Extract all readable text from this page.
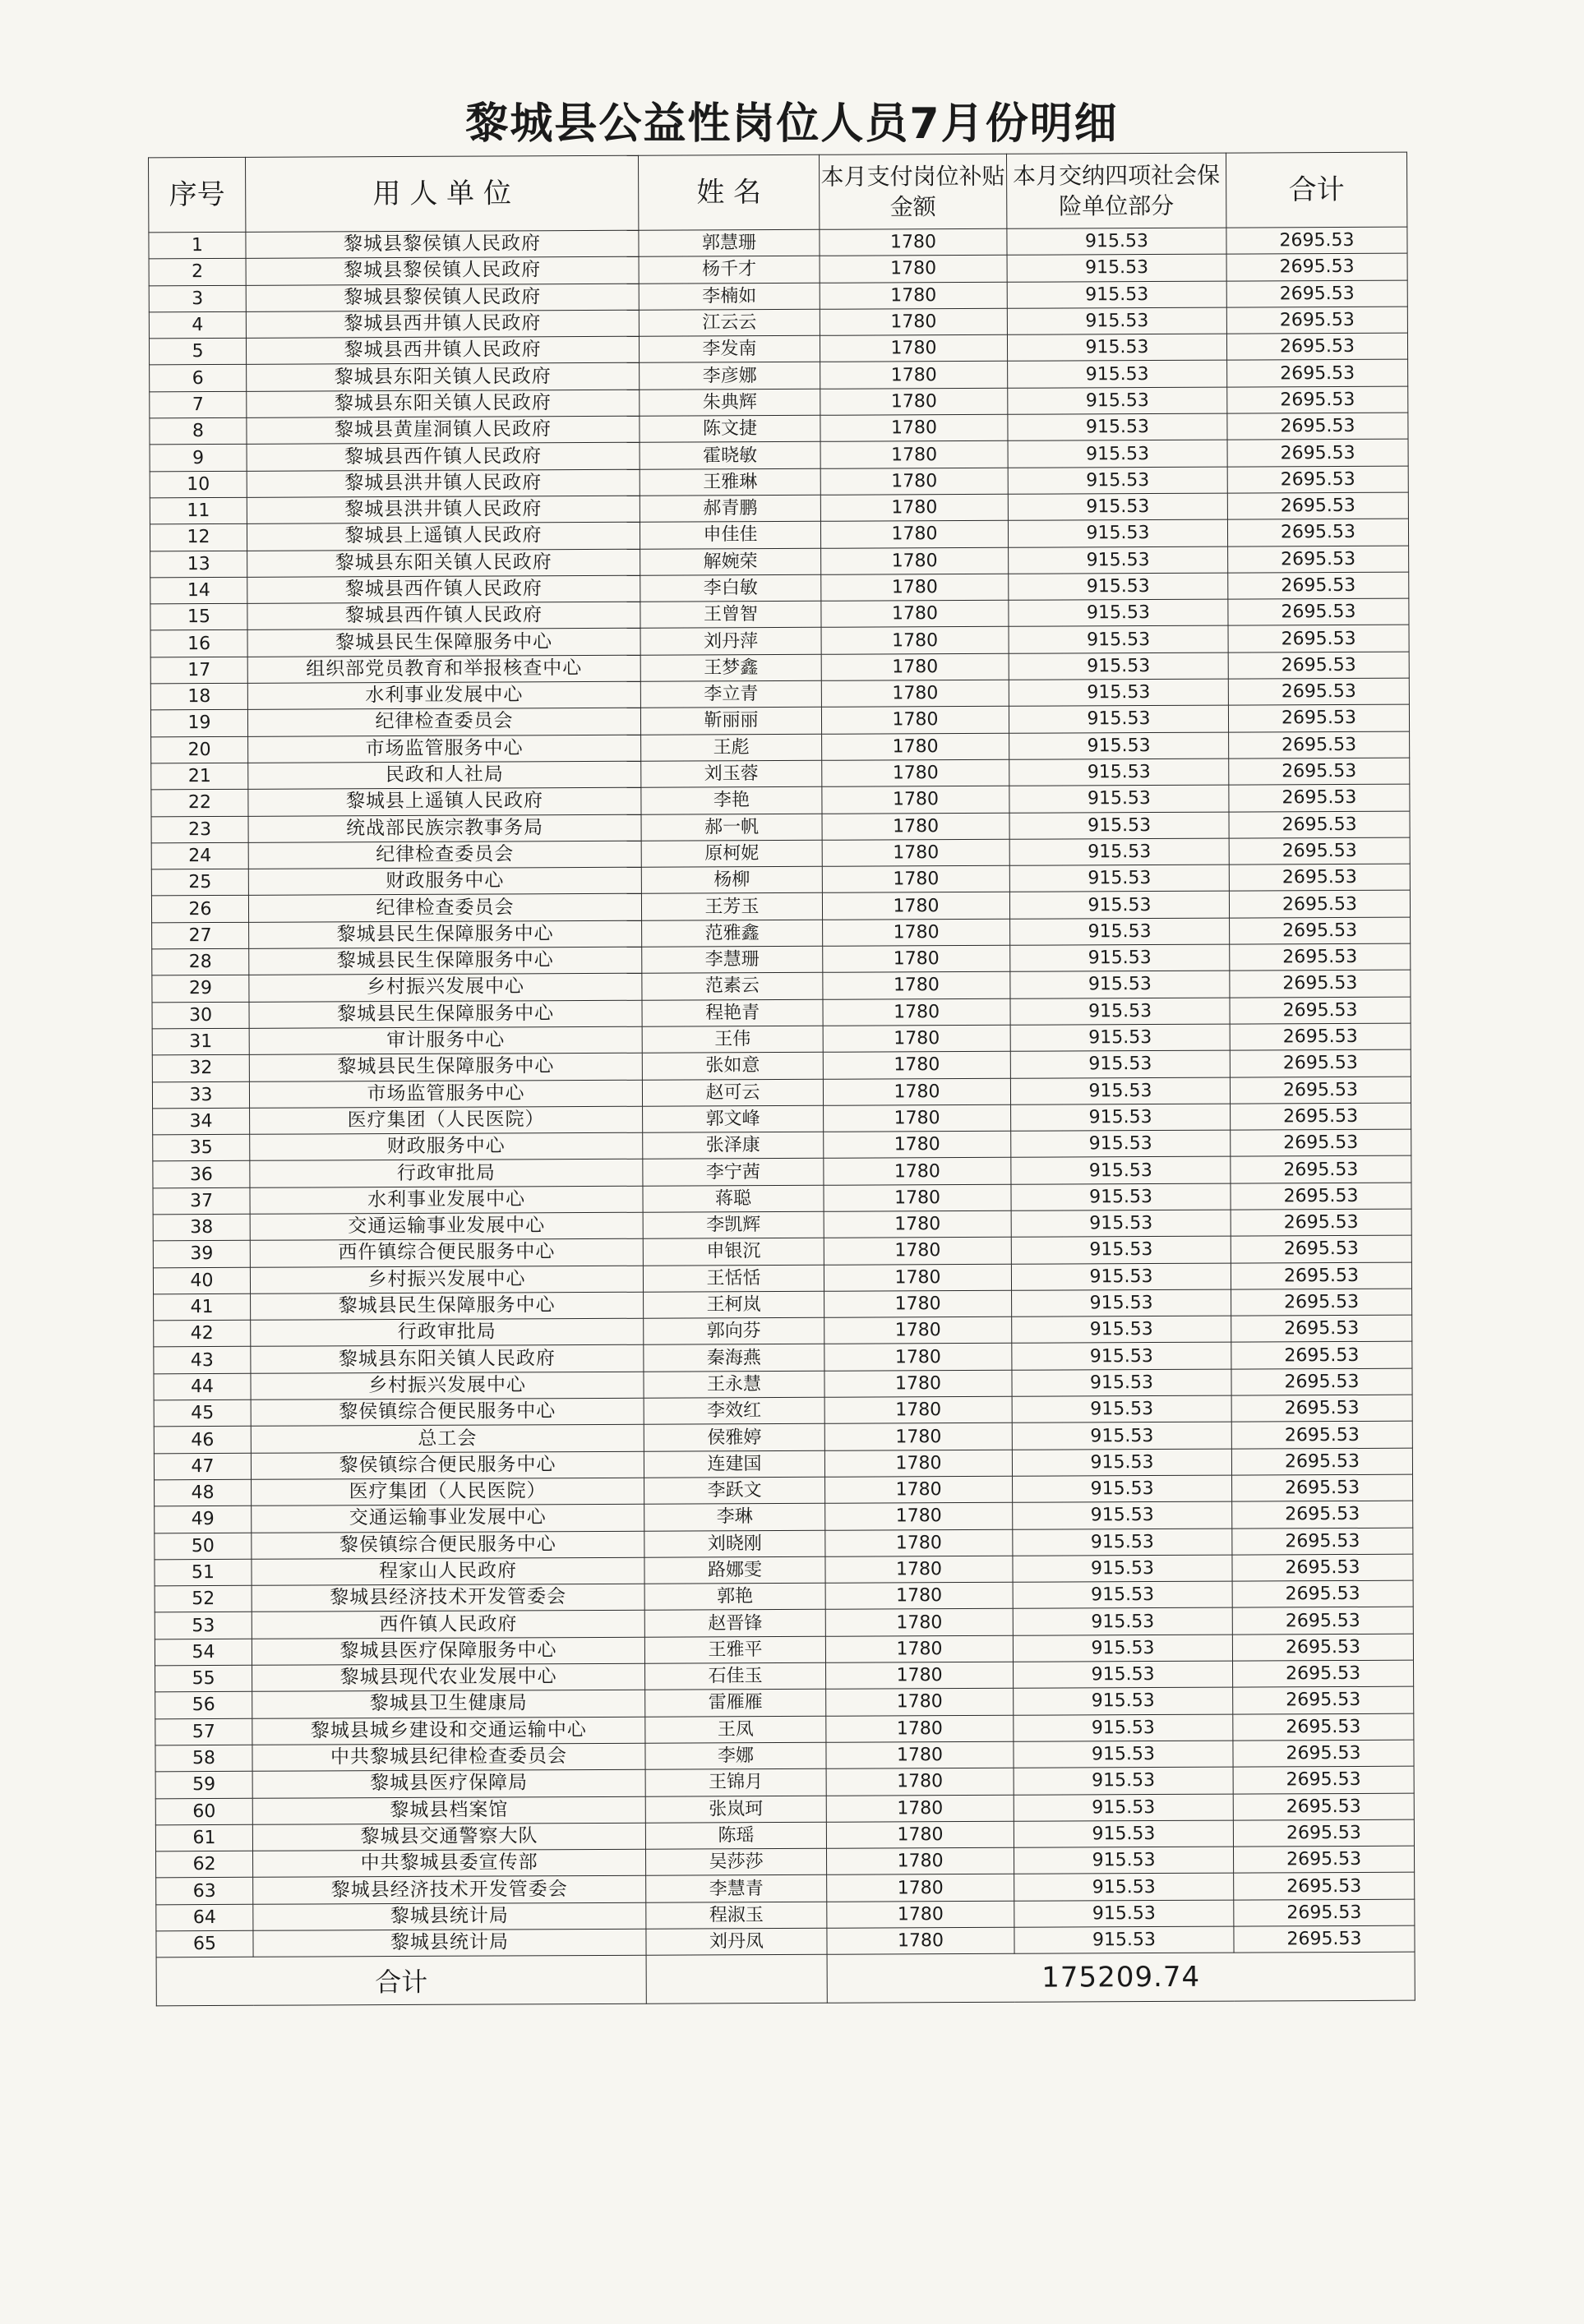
黎城县公益性岗位人员7月份明细
序号	用 人 单 位	姓 名	本月支付岗位补贴金额	本月交纳四项社会保险单位部分	合计
1	黎城县黎侯镇人民政府	郭慧珊	1780	915.53	2695.53
2	黎城县黎侯镇人民政府	杨千才	1780	915.53	2695.53
3	黎城县黎侯镇人民政府	李楠如	1780	915.53	2695.53
4	黎城县西井镇人民政府	江云云	1780	915.53	2695.53
5	黎城县西井镇人民政府	李发南	1780	915.53	2695.53
6	黎城县东阳关镇人民政府	李彦娜	1780	915.53	2695.53
7	黎城县东阳关镇人民政府	朱典辉	1780	915.53	2695.53
8	黎城县黄崖洞镇人民政府	陈文捷	1780	915.53	2695.53
9	黎城县西仵镇人民政府	霍晓敏	1780	915.53	2695.53
10	黎城县洪井镇人民政府	王雅琳	1780	915.53	2695.53
11	黎城县洪井镇人民政府	郝青鹏	1780	915.53	2695.53
12	黎城县上遥镇人民政府	申佳佳	1780	915.53	2695.53
13	黎城县东阳关镇人民政府	解婉荣	1780	915.53	2695.53
14	黎城县西仵镇人民政府	李白敏	1780	915.53	2695.53
15	黎城县西仵镇人民政府	王曾智	1780	915.53	2695.53
16	黎城县民生保障服务中心	刘丹萍	1780	915.53	2695.53
17	组织部党员教育和举报核查中心	王梦鑫	1780	915.53	2695.53
18	水利事业发展中心	李立青	1780	915.53	2695.53
19	纪律检查委员会	靳丽丽	1780	915.53	2695.53
20	市场监管服务中心	王彪	1780	915.53	2695.53
21	民政和人社局	刘玉蓉	1780	915.53	2695.53
22	黎城县上遥镇人民政府	李艳	1780	915.53	2695.53
23	统战部民族宗教事务局	郝一帆	1780	915.53	2695.53
24	纪律检查委员会	原柯妮	1780	915.53	2695.53
25	财政服务中心	杨柳	1780	915.53	2695.53
26	纪律检查委员会	王芳玉	1780	915.53	2695.53
27	黎城县民生保障服务中心	范雅鑫	1780	915.53	2695.53
28	黎城县民生保障服务中心	李慧珊	1780	915.53	2695.53
29	乡村振兴发展中心	范素云	1780	915.53	2695.53
30	黎城县民生保障服务中心	程艳青	1780	915.53	2695.53
31	审计服务中心	王伟	1780	915.53	2695.53
32	黎城县民生保障服务中心	张如意	1780	915.53	2695.53
33	市场监管服务中心	赵可云	1780	915.53	2695.53
34	医疗集团（人民医院）	郭文峰	1780	915.53	2695.53
35	财政服务中心	张泽康	1780	915.53	2695.53
36	行政审批局	李宁茜	1780	915.53	2695.53
37	水利事业发展中心	蒋聪	1780	915.53	2695.53
38	交通运输事业发展中心	李凯辉	1780	915.53	2695.53
39	西仵镇综合便民服务中心	申银沉	1780	915.53	2695.53
40	乡村振兴发展中心	王恬恬	1780	915.53	2695.53
41	黎城县民生保障服务中心	王柯岚	1780	915.53	2695.53
42	行政审批局	郭向芬	1780	915.53	2695.53
43	黎城县东阳关镇人民政府	秦海燕	1780	915.53	2695.53
44	乡村振兴发展中心	王永慧	1780	915.53	2695.53
45	黎侯镇综合便民服务中心	李效红	1780	915.53	2695.53
46	总工会	侯雅婷	1780	915.53	2695.53
47	黎侯镇综合便民服务中心	连建国	1780	915.53	2695.53
48	医疗集团（人民医院）	李跃文	1780	915.53	2695.53
49	交通运输事业发展中心	李琳	1780	915.53	2695.53
50	黎侯镇综合便民服务中心	刘晓刚	1780	915.53	2695.53
51	程家山人民政府	路娜雯	1780	915.53	2695.53
52	黎城县经济技术开发管委会	郭艳	1780	915.53	2695.53
53	西仵镇人民政府	赵晋锋	1780	915.53	2695.53
54	黎城县医疗保障服务中心	王雅平	1780	915.53	2695.53
55	黎城县现代农业发展中心	石佳玉	1780	915.53	2695.53
56	黎城县卫生健康局	雷雁雁	1780	915.53	2695.53
57	黎城县城乡建设和交通运输中心	王凤	1780	915.53	2695.53
58	中共黎城县纪律检查委员会	李娜	1780	915.53	2695.53
59	黎城县医疗保障局	王锦月	1780	915.53	2695.53
60	黎城县档案馆	张岚珂	1780	915.53	2695.53
61	黎城县交通警察大队	陈瑶	1780	915.53	2695.53
62	中共黎城县委宣传部	吴莎莎	1780	915.53	2695.53
63	黎城县经济技术开发管委会	李慧青	1780	915.53	2695.53
64	黎城县统计局	程淑玉	1780	915.53	2695.53
65	黎城县统计局	刘丹凤	1780	915.53	2695.53
合计			175209.74		
